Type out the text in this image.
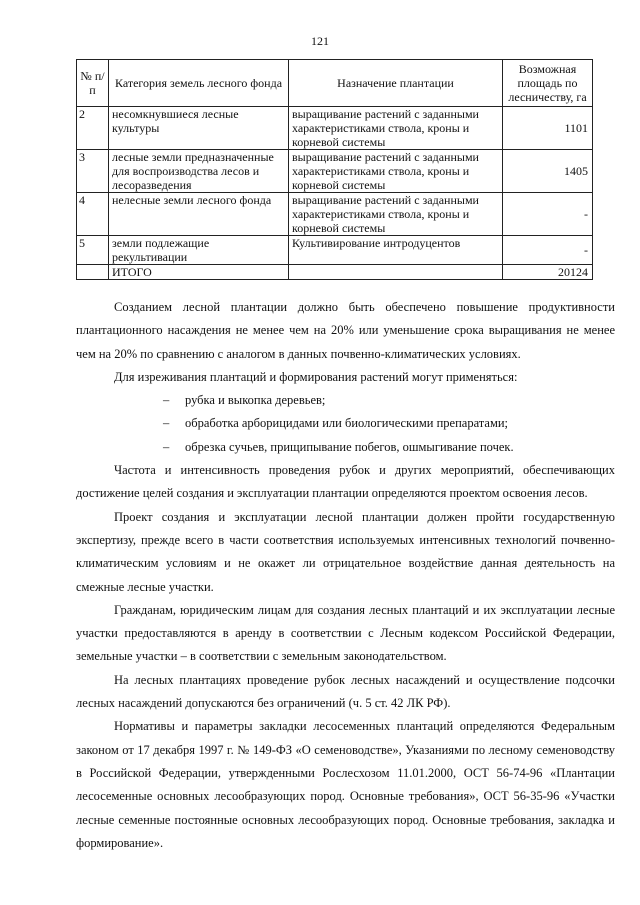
121
№ п/п	Категория земель лесного фонда	Назначение плантации	Возможная площадь по лесничеству, га
2	несомкнувшиеся лесные культуры	выращивание растений с заданными характеристиками ствола, кроны и корневой системы	1101
3	лесные земли предназначенные для воспроизводства лесов и лесоразведения	выращивание растений с заданными характеристиками ствола, кроны и корневой системы	1405
4	нелесные земли лесного фонда	выращивание растений с заданными характеристиками ствола, кроны и корневой системы	-
5	земли подлежащие рекультивации	Культивирование интродуцентов	-
	ИТОГО		20124

Созданием лесной плантации должно быть обеспечено повышение продуктивности плантационного насаждения не менее чем на 20% или уменьшение срока выращивания не менее чем на 20% по сравнению с аналогом в данных почвенно-климатических условиях.

Для изреживания плантаций и формирования растений могут применяться:

– рубка и выкопка деревьев;
– обработка арборицидами или биологическими препаратами;
– обрезка сучьев, прищипывание побегов, ошмыгивание почек.

Частота и интенсивность проведения рубок и других мероприятий, обеспечивающих достижение целей создания и эксплуатации плантации определяются проектом освоения лесов.

Проект создания и эксплуатации лесной плантации должен пройти государственную экспертизу, прежде всего в части соответствия используемых интенсивных технологий почвенно-климатическим условиям и не окажет ли отрицательное воздействие данная деятельность на смежные лесные участки.

Гражданам, юридическим лицам для создания лесных плантаций и их эксплуатации лесные участки предоставляются в аренду в соответствии с Лесным кодексом Российской Федерации, земельные участки – в соответствии с земельным законодательством.

На лесных плантациях проведение рубок лесных насаждений и осуществление подсочки лесных насаждений допускаются без ограничений (ч. 5 ст. 42 ЛК РФ).

Нормативы и параметры закладки лесосеменных плантаций определяются Федеральным законом от 17 декабря 1997 г. № 149-ФЗ «О семеноводстве», Указаниями по лесному семеноводству в Российской Федерации, утвержденными Рослесхозом 11.01.2000, ОСТ 56-74-96 «Плантации лесосеменные основных лесообразующих пород. Основные требования», ОСТ 56-35-96 «Участки лесные семенные постоянные основных лесообразующих пород. Основные требования, закладка и формирование».
